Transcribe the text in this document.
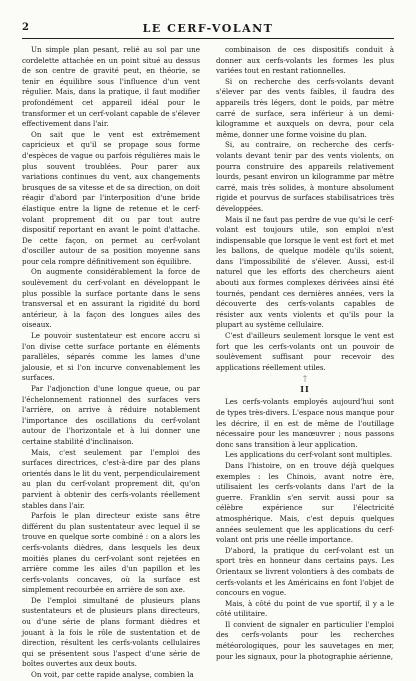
2	LE CERF-VOLANT

Un simple plan pesant, relié au sol par une cordelette attachée en un point situé au dessus de son centre de gravité peut, en théorie, se tenir en équilibre sous l'influence d'un vent régulier. Mais, dans la pratique, il faut modifier profondément cet appareil idéal pour le transformer et un cerf-volant capable de s'élever effectivement dans l'air.

On sait que le vent est extrêmement capricieux et qu'il se propage sous forme d'espèces de vague ou parfois régulières mais le plus souvent troublées. Pour parer aux variations continues du vent, aux changements brusques de sa vitesse et de sa direction, on doit réagir d'abord par l'interposition d'une bride élastique entre la ligne de retenue et le cerf-volant proprement dit ou par tout autre dispositif reportant en avant le point d'attache. De cette façon, on permet au cerf-volant d'osciller autour de sa position moyenne sans pour cela rompre définitivement son équilibre.

On augmente considérablement la force de soulèvement du cerf-volant en développant le plus possible la surface portante dans le sens transversal et en assurant la rigidité du bord antérieur, à la façon des longues ailes des oiseaux.

Le pouvoir sustentateur est encore accru si l'on divise cette surface portante en éléments parallèles, séparés comme les lames d'une jalousie, et si l'on incurve convenablement les surfaces.

Par l'adjonction d'une longue queue, ou par l'échelonnement rationnel des surfaces vers l'arrière, on arrive à réduire notablement l'importance des oscillations du cerf-volant autour de l'horizontale et à lui donner une certaine stabilité d'inclinaison.

Mais, c'est seulement par l'emploi des surfaces directrices, c'est-à-dire par des plans orientés dans le lit du vent, perpendiculairement au plan du cerf-volant proprement dit, qu'on parvient à obtenir des cerfs-volants réellement stables dans l'air.

Parfois le plan directeur existe sans être différent du plan sustentateur avec lequel il se trouve en quelque sorte combiné : on a alors les cerfs-volants dièdres, dans lesquels les deux moitiés planes du cerf-volant sont rejetées en arrière comme les ailes d'un papillon et les cerfs-volants concaves, où la surface est simplement recourbée en arrière de son axe.

De l'emploi simultané de plusieurs plans sustentateurs et de plusieurs plans directeurs, ou d'une série de plans formant dièdres et jouant à la fois le rôle de sustentation et de direction, résultent les cerfs-volants cellulaires qui se présentent sous l'aspect d'une série de boîtes ouvertes aux deux bouts.

On voit, par cette rapide analyse, combien la

combinaison de ces dispositifs conduit à donner aux cerfs-volants les formes les plus variées tout en restant rationnelles.

Si on recherche des cerfs-volants devant s'élever par des vents faibles, il faudra des appareils très légers, dont le poids, par mètre carré de surface, sera inférieur à un demi-kilogramme et auxquels on devra, pour cela même, donner une forme voisine du plan.

Si, au contraire, on recherche des cerfs-volants devant tenir par des vents violents, on pourra construire des appareils relativement lourds, pesant environ un kilogramme par mètre carré, mais très solides, à monture absolument rigide et pourvus de surfaces stabilisatrices très développées.

Mais il ne faut pas perdre de vue qu'si le cerf-volant est toujours utile, son emploi n'est indispensable que lorsque le vent est fort et met les ballons, de quelque modèle qu'ils soient, dans l'impossibilité de s'élever. Aussi, est-il naturel que les efforts des chercheurs aient abouti aux formes complexes dérivées ainsi été tournés, pendant ces dernières années, vers la découverte des cerfs-volants capables de résister aux vents violents et qu'ils pour la plupart au système cellulaire.

C'est d'ailleurs seulement lorsque le vent est fort que les cerfs-volants ont un pouvoir de soulèvement suffisant pour recevoir des applications réellement utiles.

†
II

Les cerfs-volants employés aujourd'hui sont de types très-divers. L'espace nous manque pour les décrire, il en est de même de l'outillage nécessaire pour les manœuvrer ; nous passons donc sans transition à leur application.

Les applications du cerf-volant sont multiples.

Dans l'histoire, on en trouve déjà quelques exemples : les Chinois, avant notre ère, utilisaient les cerfs-volants dans l'art de la guerre. Franklin s'en servit aussi pour sa célèbre expérience sur l'électricité atmosphérique. Mais, c'est depuis quelques années seulement que les applications du cerf-volant ont pris une réelle importance.

D'abord, la pratique du cerf-volant est un sport très en honneur dans certains pays. Les Orientaux se livrent volontiers à des combats de cerfs-volants et les Américains en font l'objet de concours en vogue.

Mais, à côté du point de vue sportif, il y a le côté utilitaire.

Il convient de signaler en particulier l'emploi des cerfs-volants pour les recherches météorologiques, pour les sauvetages en mer, pour les signaux, pour la photographie aérienne,
